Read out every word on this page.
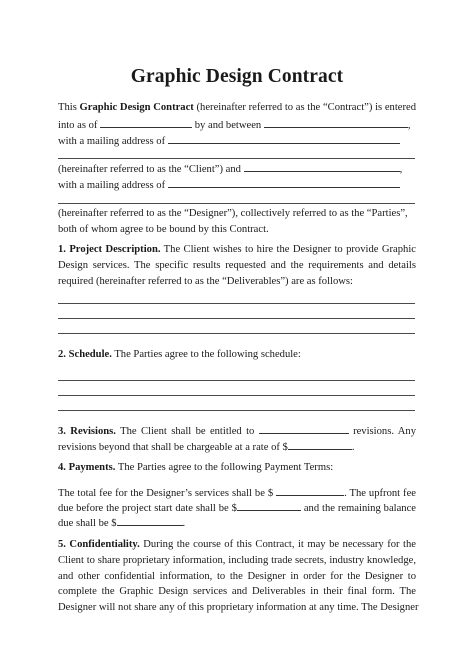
Graphic Design Contract
This Graphic Design Contract (hereinafter referred to as the “Contract”) is entered
into as of	by and between	,
with a mailing address of
(hereinafter referred to as the “Client”) and	,
with a mailing address of
(hereinafter referred to as the “Designer”), collectively referred to as the “Parties”,
both of whom agree to be bound by this Contract.
1. Project Description. The Client wishes to hire the Designer to provide Graphic
Design services. The specific results requested and the requirements and details
required (hereinafter referred to as the “Deliverables”) are as follows:
2. Schedule. The Parties agree to the following schedule:
3. Revisions. The Client shall be entitled to	revisions. Any
revisions beyond that shall be chargeable at a rate of $	.
4. Payments. The Parties agree to the following Payment Terms:
The total fee for the Designer’s services shall be $	. The upfront fee
due before the project start date shall be $	and the remaining balance
due shall be $	.
5. Confidentiality. During the course of this Contract, it may be necessary for the
Client to share proprietary information, including trade secrets, industry knowledge,
and other confidential information, to the Designer in order for the Designer to
complete the Graphic Design services and Deliverables in their final form. The
Designer will not share any of this proprietary information at any time. The Designer
